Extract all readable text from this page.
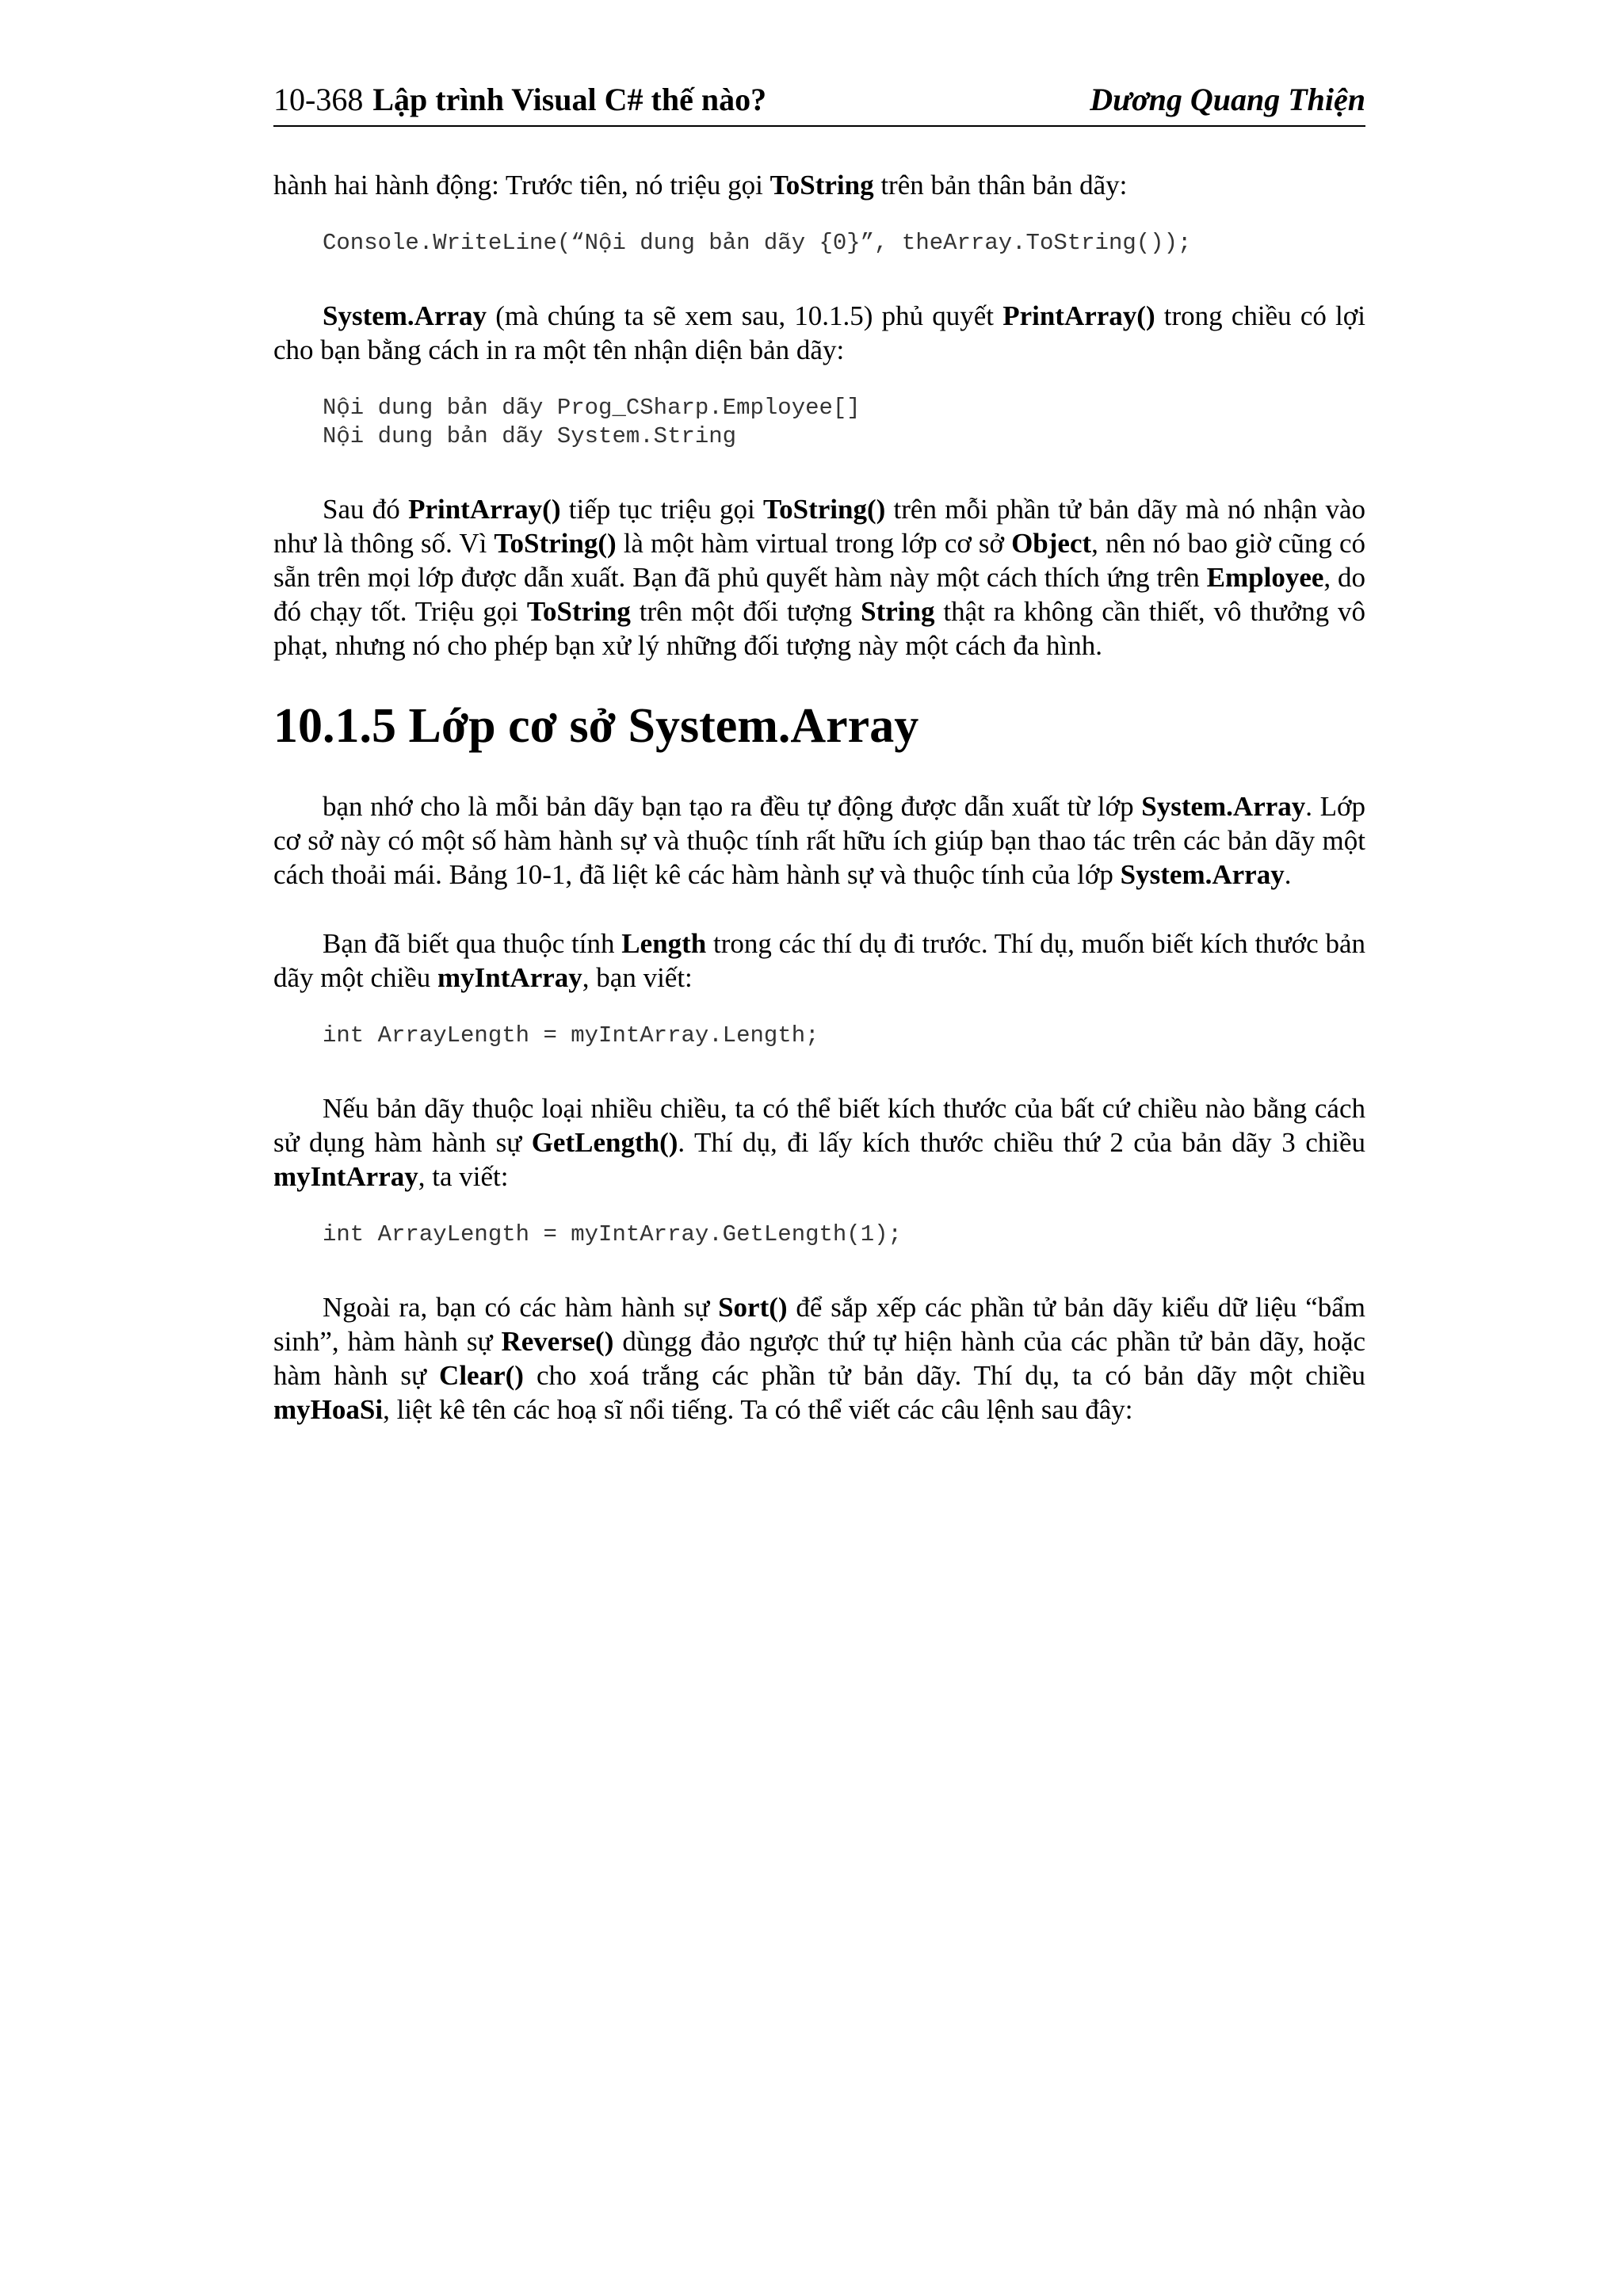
10-368 Lập trình Visual C# thế nào?	Dương Quang Thiện

hành hai hành động: Trước tiên, nó triệu gọi ToString trên bản thân bản dãy:

Console.WriteLine(“Nội dung bản dãy {0}”, theArray.ToString());

System.Array (mà chúng ta sẽ xem sau, 10.1.5) phủ quyết PrintArray() trong chiều có lợi cho bạn bằng cách in ra một tên nhận diện bản dãy:

Nội dung bản dãy Prog_CSharp.Employee[]
Nội dung bản dãy System.String

Sau đó PrintArray() tiếp tục triệu gọi ToString() trên mỗi phần tử bản dãy mà nó nhận vào như là thông số. Vì ToString() là một hàm virtual trong lớp cơ sở Object, nên nó bao giờ cũng có sẵn trên mọi lớp được dẫn xuất. Bạn đã phủ quyết hàm này một cách thích ứng trên Employee, do đó chạy tốt. Triệu gọi ToString trên một đối tượng String thật ra không cần thiết, vô thưởng vô phạt, nhưng nó cho phép bạn xử lý những đối tượng này một cách đa hình.

10.1.5 Lớp cơ sở System.Array

bạn nhớ cho là mỗi bản dãy bạn tạo ra đều tự động được dẫn xuất từ lớp System.Array. Lớp cơ sở này có một số hàm hành sự và thuộc tính rất hữu ích giúp bạn thao tác trên các bản dãy một cách thoải mái. Bảng 10-1, đã liệt kê các hàm hành sự và thuộc tính của lớp System.Array.

Bạn đã biết qua thuộc tính Length trong các thí dụ đi trước. Thí dụ, muốn biết kích thước bản dãy một chiều myIntArray, bạn viết:

int ArrayLength = myIntArray.Length;

Nếu bản dãy thuộc loại nhiều chiều, ta có thể biết kích thước của bất cứ chiều nào bằng cách sử dụng hàm hành sự GetLength(). Thí dụ, đi lấy kích thước chiều thứ 2 của bản dãy 3 chiều myIntArray, ta viết:

int ArrayLength = myIntArray.GetLength(1);

Ngoài ra, bạn có các hàm hành sự Sort() để sắp xếp các phần tử bản dãy kiểu dữ liệu “bẩm sinh”, hàm hành sự Reverse() dùngg đảo ngược thứ tự hiện hành của các phần tử bản dãy, hoặc hàm hành sự Clear() cho xoá trắng các phần tử bản dãy. Thí dụ, ta có bản dãy một chiều myHoaSi, liệt kê tên các hoạ sĩ nổi tiếng. Ta có thể viết các câu lệnh sau đây:
